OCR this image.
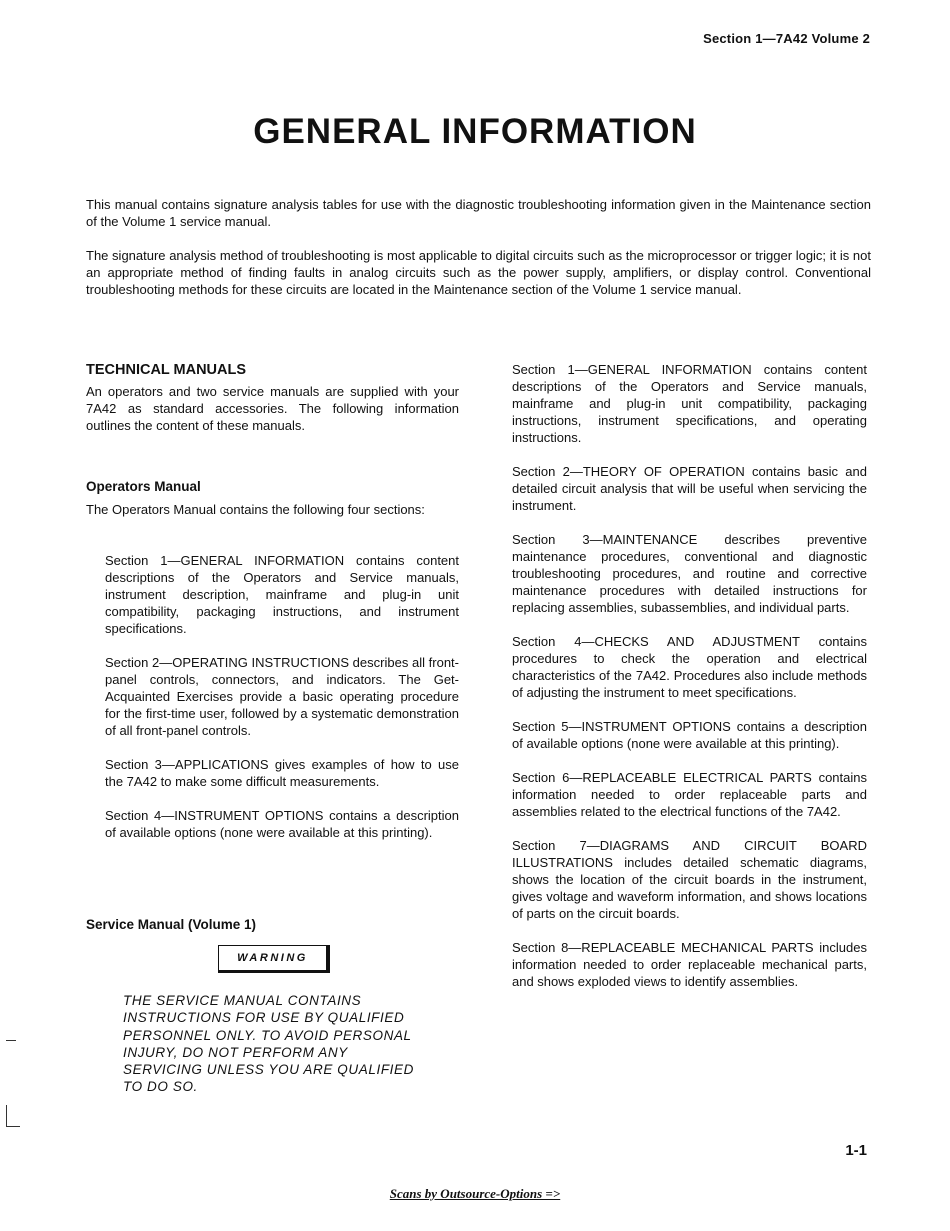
Section 1—7A42 Volume 2
GENERAL INFORMATION

This manual contains signature analysis tables for use with the diagnostic troubleshooting information given in the Maintenance section of the Volume 1 service manual.

The signature analysis method of troubleshooting is most applicable to digital circuits such as the microprocessor or trigger logic; it is not an appropriate method of finding faults in analog circuits such as the power supply, amplifiers, or display control. Conventional troubleshooting methods for these circuits are located in the Maintenance section of the Volume 1 service manual.

TECHNICAL MANUALS

An operators and two service manuals are supplied with your 7A42 as standard accessories. The following information outlines the content of these manuals.

Operators Manual

The Operators Manual contains the following four sections:

Section 1—GENERAL INFORMATION contains content descriptions of the Operators and Service manuals, instrument description, mainframe and plug-in unit compatibility, packaging instructions, and instrument specifications.

Section 2—OPERATING INSTRUCTIONS describes all front-panel controls, connectors, and indicators. The Get-Acquainted Exercises provide a basic operating procedure for the first-time user, followed by a systematic demonstration of all front-panel controls.

Section 3—APPLICATIONS gives examples of how to use the 7A42 to make some difficult measurements.

Section 4—INSTRUMENT OPTIONS contains a description of available options (none were available at this printing).

Service Manual (Volume 1)
WARNING

THE SERVICE MANUAL CONTAINS INSTRUCTIONS FOR USE BY QUALIFIED PERSONNEL ONLY. TO AVOID PERSONAL INJURY, DO NOT PERFORM ANY SERVICING UNLESS YOU ARE QUALIFIED TO DO SO.

Section 1—GENERAL INFORMATION contains content descriptions of the Operators and Service manuals, mainframe and plug-in unit compatibility, packaging instructions, instrument specifications, and operating instructions.

Section 2—THEORY OF OPERATION contains basic and detailed circuit analysis that will be useful when servicing the instrument.

Section 3—MAINTENANCE describes preventive maintenance procedures, conventional and diagnostic troubleshooting procedures, and routine and corrective maintenance procedures with detailed instructions for replacing assemblies, subassemblies, and individual parts.

Section 4—CHECKS AND ADJUSTMENT contains procedures to check the operation and electrical characteristics of the 7A42. Procedures also include methods of adjusting the instrument to meet specifications.

Section 5—INSTRUMENT OPTIONS contains a description of available options (none were available at this printing).

Section 6—REPLACEABLE ELECTRICAL PARTS contains information needed to order replaceable parts and assemblies related to the electrical functions of the 7A42.

Section 7—DIAGRAMS AND CIRCUIT BOARD ILLUSTRATIONS includes detailed schematic diagrams, shows the location of the circuit boards in the instrument, gives voltage and waveform information, and shows locations of parts on the circuit boards.

Section 8—REPLACEABLE MECHANICAL PARTS includes information needed to order replaceable mechanical parts, and shows exploded views to identify assemblies.

1-1
Scans by Outsource-Options =>
